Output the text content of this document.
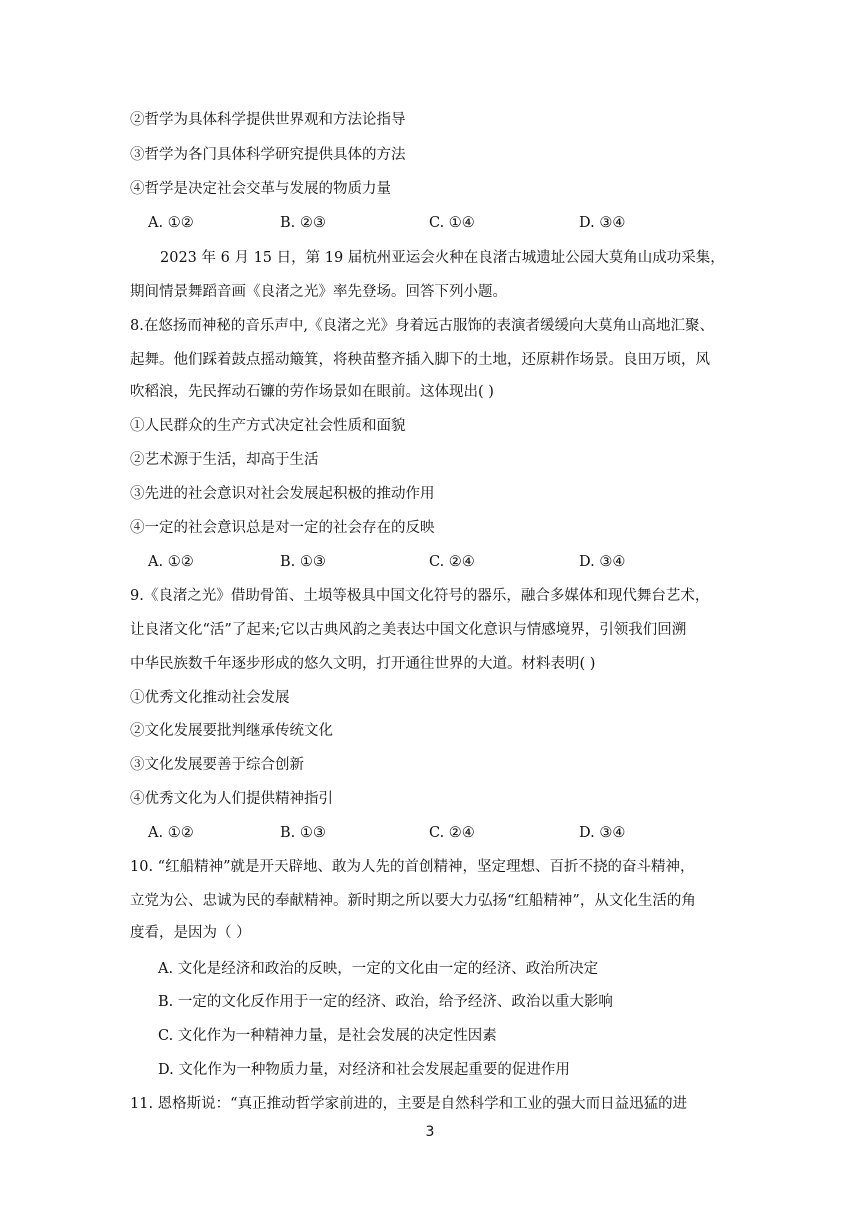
②哲学为具体科学提供世界观和方法论指导
③哲学为各门具体科学研究提供具体的方法
④哲学是决定社会交革与发展的物质力量
A. ①②	B. ②③	C. ①④	D. ③④
2023 年 6 月 15 日，第 19 届杭州亚运会火种在良渚古城遗址公园大莫角山成功采集，
期间情景舞蹈音画《良渚之光》率先登场。回答下列小题。
8.在悠扬而神秘的音乐声中,《良渚之光》身着远古服饰的表演者缓缓向大莫角山高地汇聚、
起舞。他们踩着鼓点摇动簸箕，将秧苗整齐插入脚下的土地，还原耕作场景。良田万顷，风
吹稻浪，先民挥动石镰的劳作场景如在眼前。这体现出( )
①人民群众的生产方式决定社会性质和面貌
②艺术源于生活，却高于生活
③先进的社会意识对社会发展起积极的推动作用
④一定的社会意识总是对一定的社会存在的反映
A. ①②	B. ①③	C. ②④	D. ③④
9.《良渚之光》借助骨笛、土埙等极具中国文化符号的器乐，融合多媒体和现代舞台艺术，
让良渚文化“活”了起来;它以古典风韵之美表达中国文化意识与情感境界，引领我们回溯
中华民族数千年逐步形成的悠久文明，打开通往世界的大道。材料表明( )
①优秀文化推动社会发展
②文化发展要批判继承传统文化
③文化发展要善于综合创新
④优秀文化为人们提供精神指引
A. ①②	B. ①③	C. ②④	D. ③④
10. “红船精神”就是开天辟地、敢为人先的首创精神，坚定理想、百折不挠的奋斗精神，
立党为公、忠诚为民的奉献精神。新时期之所以要大力弘扬“红船精神”，从文化生活的角
度看，是因为（ ）
A. 文化是经济和政治的反映，一定的文化由一定的经济、政治所决定
B. 一定的文化反作用于一定的经济、政治，给予经济、政治以重大影响
C. 文化作为一种精神力量，是社会发展的决定性因素
D. 文化作为一种物质力量，对经济和社会发展起重要的促进作用
11. 恩格斯说：“真正推动哲学家前进的，主要是自然科学和工业的强大而日益迅猛的进
3
